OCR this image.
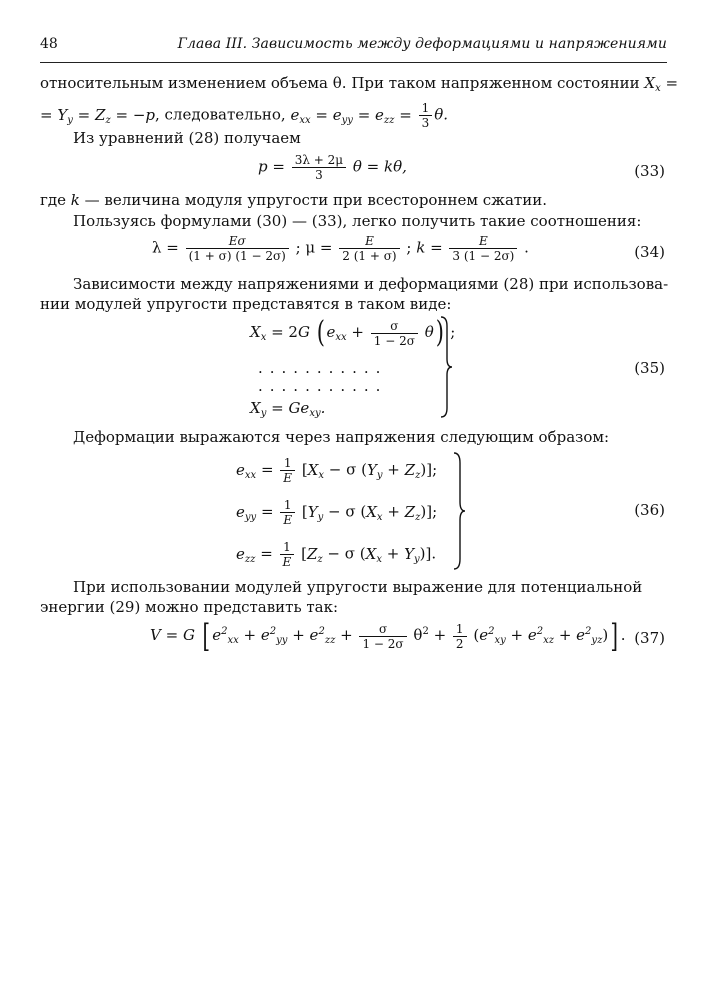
48	Глава III. Зависимость между деформациями и напряжениями
относительным изменением объема θ. При таком напряженном состоянии $X_x$ =
= $Y_y = Z_z = -p$, следовательно, $e_{xx} = e_{yy} = e_{zz} = \frac{1}{3} \theta$.
Из уравнений (28) получаем
$p = \frac{3\lambda + 2\mu}{3}$ θ = kθ,	(33)
где k — величина модуля упругости при всестороннем сжатии.
Пользуясь формулами (30) — (33), легко получить такие соотношения:
$\lambda = \frac{E\sigma}{(1 + \sigma) (1 - 2\sigma)}$ ; $\mu = \frac{E}{2 (1 + \sigma)}$ ; $k = \frac{E}{3 (1 - 2\sigma)}$ .	(34)
Зависимости между напряжениями и деформациями (28) при использова-
нии модулей упругости представятся в таком виде:
$X_x = 2G$ ( $e_{xx} + \frac{\sigma}{1 - 2\sigma} \theta$) ;
...........
...........
$X_y = Ge_{xy}$.
(35)
Деформации выражаются через напряжения следующим образом:
$e_{xx} = \frac{1}{E} [X_x - \sigma$ $(Y_y + Z_z)$];
$e_{yy} = \frac{1}{E} [Y_y - \sigma$ $(X_x + Z_z)$];
$e_{zz} = \frac{1}{E} [Z_z - \sigma$ $(X_x + Y_y)$].
(36)
При использовании модулей упругости выражение для потенциальной
энергии (29) можно представить так:
V = G [ $e^2_{xx} + e^2_{yy} + e^2_{zz} + \frac{\sigma}{1 - 2\sigma} \theta^2 + \frac{1}{2} (e^2_{xy} + e^2_{xz} + e^2_{yz})$] . (37)
